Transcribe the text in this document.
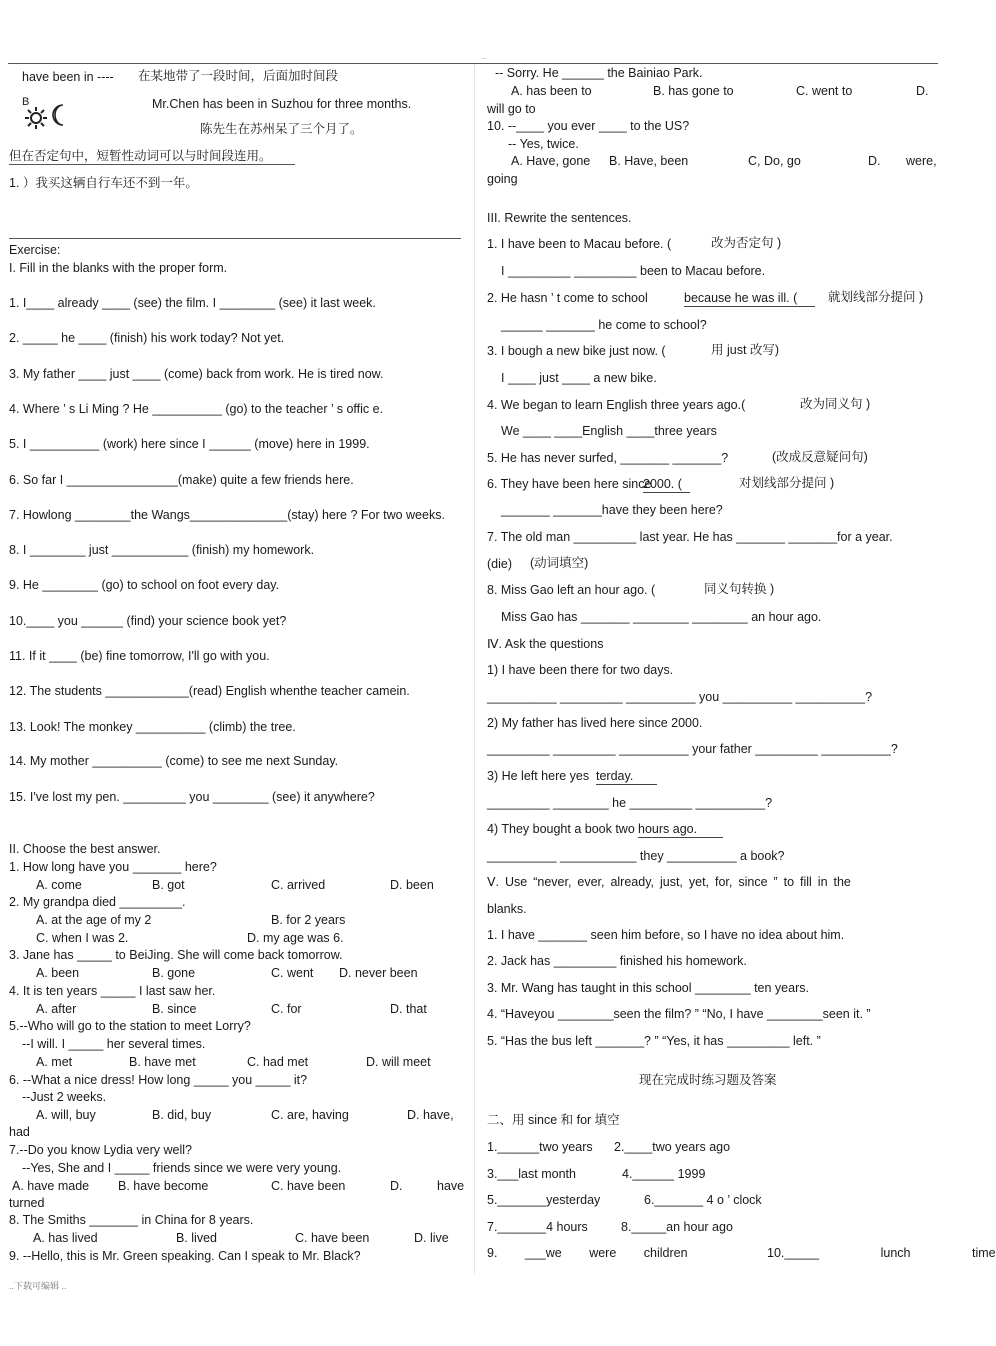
..
have been in ---- 在某地带了一段时间，后面加时间段
B	Mr.Chen has been in Suzhou for three months.
陈先生在苏州呆了三个月了。
但在否定句中，短暂性动词可以与时间段连用。
1. ）我买这辆自行车还不到一年。
Exercise:
I. Fill in the blanks with the proper form.
1. I____ already ____ (see) the film. I ________ (see) it last week.
2. _____ he ____ (finish) his work today? Not yet.
3. My father ____ just ____ (come) back from work. He is tired now.
4. Where ’ s Li Ming ? He __________ (go) to the teacher ’ s offic e.
5. I __________ (work) here since I ______ (move) here in 1999.
6. So far I ________________(make) quite a few friends here.
7. Howlong ________the Wangs______________(stay) here ? For two weeks.
8. I ________ just ___________ (finish) my homework.
9. He ________ (go) to school on foot every day.
10.____ you ______ (find) your science book yet?
11. If it ____ (be) fine tomorrow, I'll go with you.
12. The students ____________(read) English whenthe teacher camein.
13. Look! The monkey __________ (climb) the tree.
14. My mother __________ (come) to see me next Sunday.
15. I've lost my pen. _________ you ________ (see) it anywhere?
II. Choose the best answer.
1. How long have you _______ here?
A. come	B. got	C. arrived	D. been
2. My grandpa died _________.
A. at the age of my 2	B. for 2 years
C. when I was 2.	D. my age was 6.
3. Jane has _____ to BeiJing. She will come back tomorrow.
A. been	B. gone	C. went D. never been
4. It is ten years _____ I last saw her.
A. after	B. since	C. for	D. that
5.--Who will go to the station to meet Lorry?
--I will. I _____ her several times.
A. met	B. have met	C. had met	D. will meet
6. --What a nice dress! How long _____ you _____ it?
--Just 2 weeks.
A. will, buy	B. did, buy	C. are, having	D. have,
had
7.--Do you know Lydia very well?
--Yes, She and I _____ friends since we were very young.
A. have made B. have become	C. have been	D.	have
turned
8. The Smiths _______ in China for 8 years.
A. has lived	B. lived	C. have been	D. live
9. --Hello, this is Mr. Green speaking. Can I speak to Mr. Black?
-- Sorry. He ______ the Bainiao Park.
A. has been to	B. has gone to	C. went to	D.
will go to
10. --____ you ever ____ to the US?
-- Yes, twice.
A. Have, gone B. Have, been	C, Do, go	D. were,
going
III. Rewrite the sentences.
1. I have been to Macau before. (	改为否定句 )
I _________ _________ been to Macau before.
2. He hasn ’ t come to school	because he was ill. (	就划线部分提问 )
______ _______ he come to school?
3. I bough a new bike just now. (	用 just 改写)
I ____ just ____ a new bike.
4. We began to learn English three years ago.(	改为同义句 )
We ____ ____English ____three years
5. He has never surfed, _______ _______?	(改成反意疑问句)
6. They have been here since
2000. (	对划线部分提问 )
_______ _______have they been here?
7. The old man _________ last year. He has _______ _______for a year.
(die) (动词填空)
8. Miss Gao left an hour ago. (	同义句转换 )
Miss Gao has _______ ________ ________ an hour ago.
Ⅳ. Ask the questions
1) I have been there for two days.
__________ _________ __________ you __________ __________?
2) My father has lived here since 2000.
_________ _________ __________ your father _________ __________?
3) He left here yes terday.
_________ ________ he _________ __________?
4) They bought a book two hours ago.
__________ ___________ they __________ a book?
Ⅴ. Use “never, ever, already, just, yet, for, since ” to fill in the
blanks.
1. I have _______ seen him before, so I have no idea about him.
2. Jack has _________ finished his homework.
3. Mr. Wang has taught in this school ________ ten years.
4. “Haveyou ________seen the film? ” “No, I have ________seen it. ”
5. “Has the bus left _______? ” “Yes, it has _________ left. ”
现在完成时练习题及答案
二、用 since 和 for 填空
1.______two years 2.____two years ago
3.___last month	4.______ 1999
5._______yesterday	6._______ 4 o ’ clock
7._______4 hours	8._____an hour ago
9. ___we were children	10._____ lunch time
..下载可编辑 ..
